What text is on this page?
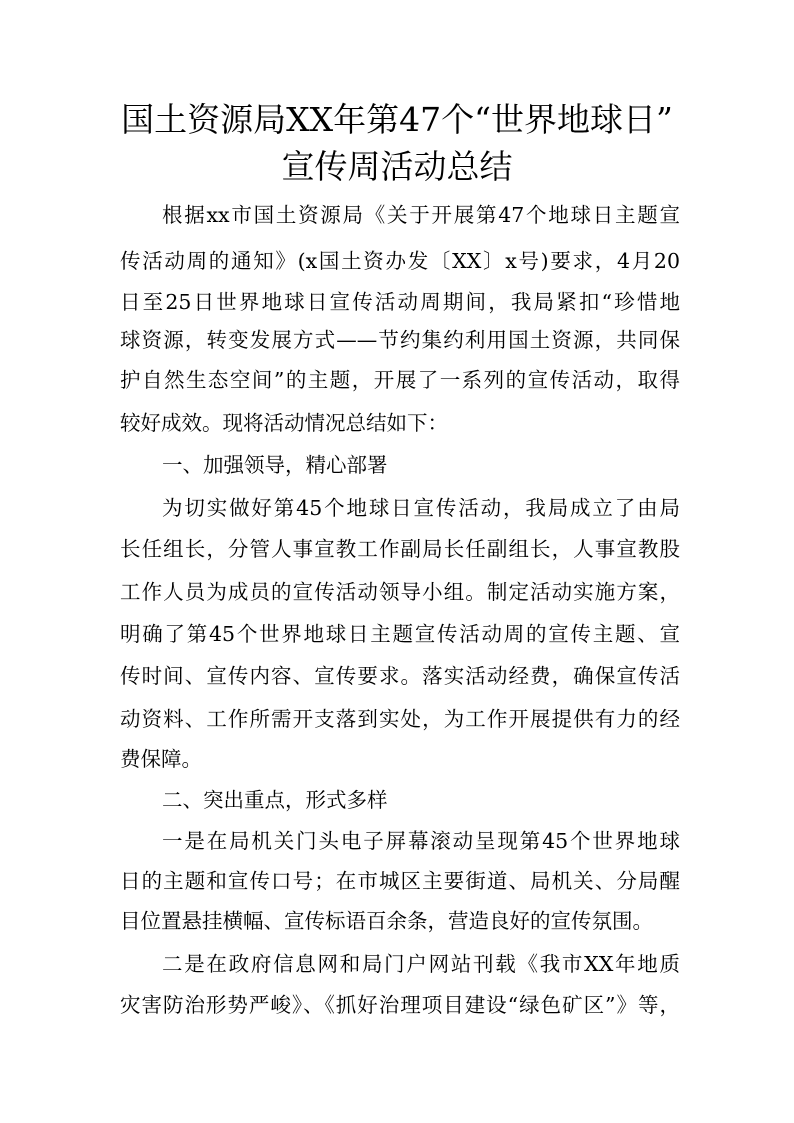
国土资源局XX年第47个“世界地球日”
宣传周活动总结
根据xx市国土资源局《关于开展第47个地球日主题宣
传活动周的通知》(x国土资办发〔XX〕x号)要求，4月20
日至25日世界地球日宣传活动周期间，我局紧扣“珍惜地
球资源，转变发展方式——节约集约利用国土资源，共同保
护自然生态空间”的主题，开展了一系列的宣传活动，取得
较好成效。现将活动情况总结如下：
一、加强领导，精心部署
为切实做好第45个地球日宣传活动，我局成立了由局
长任组长，分管人事宣教工作副局长任副组长，人事宣教股
工作人员为成员的宣传活动领导小组。制定活动实施方案，
明确了第45个世界地球日主题宣传活动周的宣传主题、宣
传时间、宣传内容、宣传要求。落实活动经费，确保宣传活
动资料、工作所需开支落到实处，为工作开展提供有力的经
费保障。
二、突出重点，形式多样
一是在局机关门头电子屏幕滚动呈现第45个世界地球
日的主题和宣传口号；在市城区主要街道、局机关、分局醒
目位置悬挂横幅、宣传标语百余条，营造良好的宣传氛围。
二是在政府信息网和局门户网站刊载《我市XX年地质
灾害防治形势严峻》、《抓好治理项目建设“绿色矿区”》等，
